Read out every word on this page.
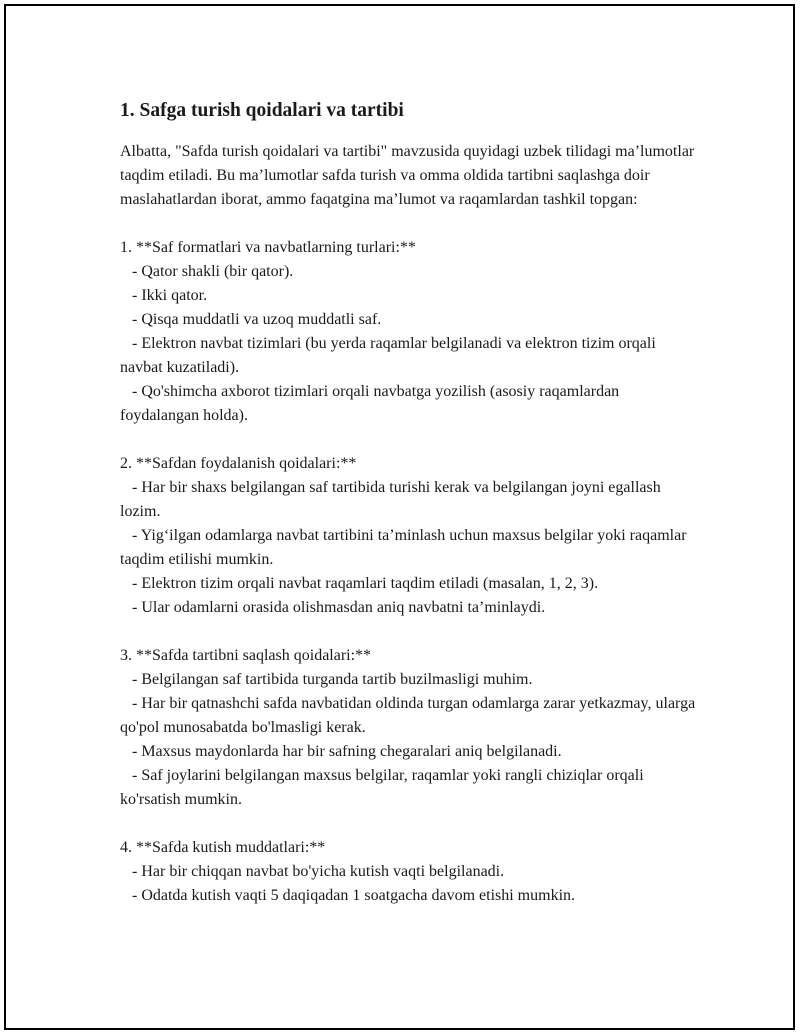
1. Safga turish qoidalari va tartibi

Albatta, "Safda turish qoidalari va tartibi" mavzusida quyidagi uzbek tilidagi ma’lumotlar taqdim etiladi. Bu ma’lumotlar safda turish va omma oldida tartibni saqlashga doir maslahatlardan iborat, ammo faqatgina ma’lumot va raqamlardan tashkil topgan:

1. **Saf formatlari va navbatlarning turlari:**
- Qator shakli (bir qator).
- Ikki qator.
- Qisqa muddatli va uzoq muddatli saf.
- Elektron navbat tizimlari (bu yerda raqamlar belgilanadi va elektron tizim orqali navbat kuzatiladi).
- Qo'shimcha axborot tizimlari orqali navbatga yozilish (asosiy raqamlardan foydalangan holda).
2. **Safdan foydalanish qoidalari:**
- Har bir shaxs belgilangan saf tartibida turishi kerak va belgilangan joyni egallash lozim.
- Yig‘ilgan odamlarga navbat tartibini ta’minlash uchun maxsus belgilar yoki raqamlar taqdim etilishi mumkin.
- Elektron tizim orqali navbat raqamlari taqdim etiladi (masalan, 1, 2, 3).
- Ular odamlarni orasida olishmasdan aniq navbatni ta’minlaydi.
3. **Safda tartibni saqlash qoidalari:**
- Belgilangan saf tartibida turganda tartib buzilmasligi muhim.
- Har bir qatnashchi safda navbatidan oldinda turgan odamlarga zarar yetkazmay, ularga qo'pol munosabatda bo'lmasligi kerak.
- Maxsus maydonlarda har bir safning chegaralari aniq belgilanadi.
- Saf joylarini belgilangan maxsus belgilar, raqamlar yoki rangli chiziqlar orqali ko'rsatish mumkin.
4. **Safda kutish muddatlari:**
- Har bir chiqqan navbat bo'yicha kutish vaqti belgilanadi.
- Odatda kutish vaqti 5 daqiqadan 1 soatgacha davom etishi mumkin.
